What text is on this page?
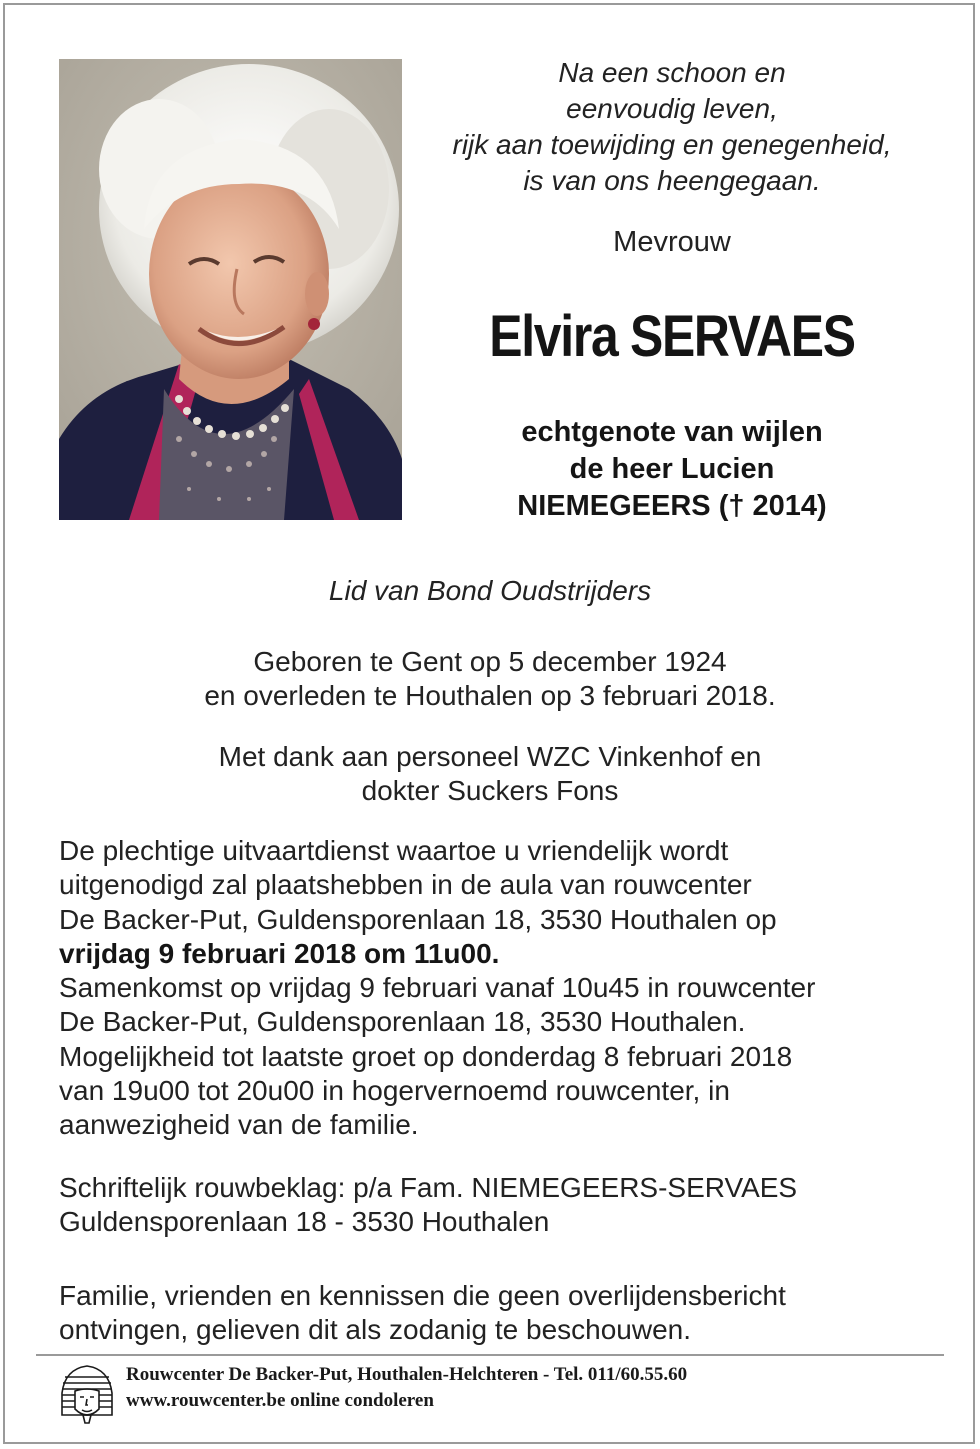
Na een schoon en
eenvoudig leven,
rijk aan toewijding en genegenheid,
is van ons heengegaan.
Mevrouw
Elvira SERVAES
echtgenote van wijlen
de heer Lucien
NIEMEGEERS († 2014)
Lid van Bond Oudstrijders
Geboren te Gent op 5 december 1924
en overleden te Houthalen op 3 februari 2018.
Met dank aan personeel WZC Vinkenhof en
dokter Suckers Fons
De plechtige uitvaartdienst waartoe u vriendelijk wordt
uitgenodigd zal plaatshebben in de aula van rouwcenter
De Backer-Put, Guldensporenlaan 18, 3530 Houthalen op
vrijdag 9 februari 2018 om 11u00.
Samenkomst op vrijdag 9 februari vanaf 10u45 in rouwcenter
De Backer-Put, Guldensporenlaan 18, 3530 Houthalen.
Mogelijkheid tot laatste groet op donderdag 8 februari 2018
van 19u00 tot 20u00 in hogervernoemd rouwcenter, in
aanwezigheid van de familie.
Schriftelijk rouwbeklag: p/a Fam. NIEMEGEERS-SERVAES
Guldensporenlaan 18 - 3530 Houthalen
Familie, vrienden en kennissen die geen overlijdensbericht
ontvingen, gelieven dit als zodanig te beschouwen.
Rouwcenter De Backer-Put, Houthalen-Helchteren - Tel. 011/60.55.60
www.rouwcenter.be online condoleren
